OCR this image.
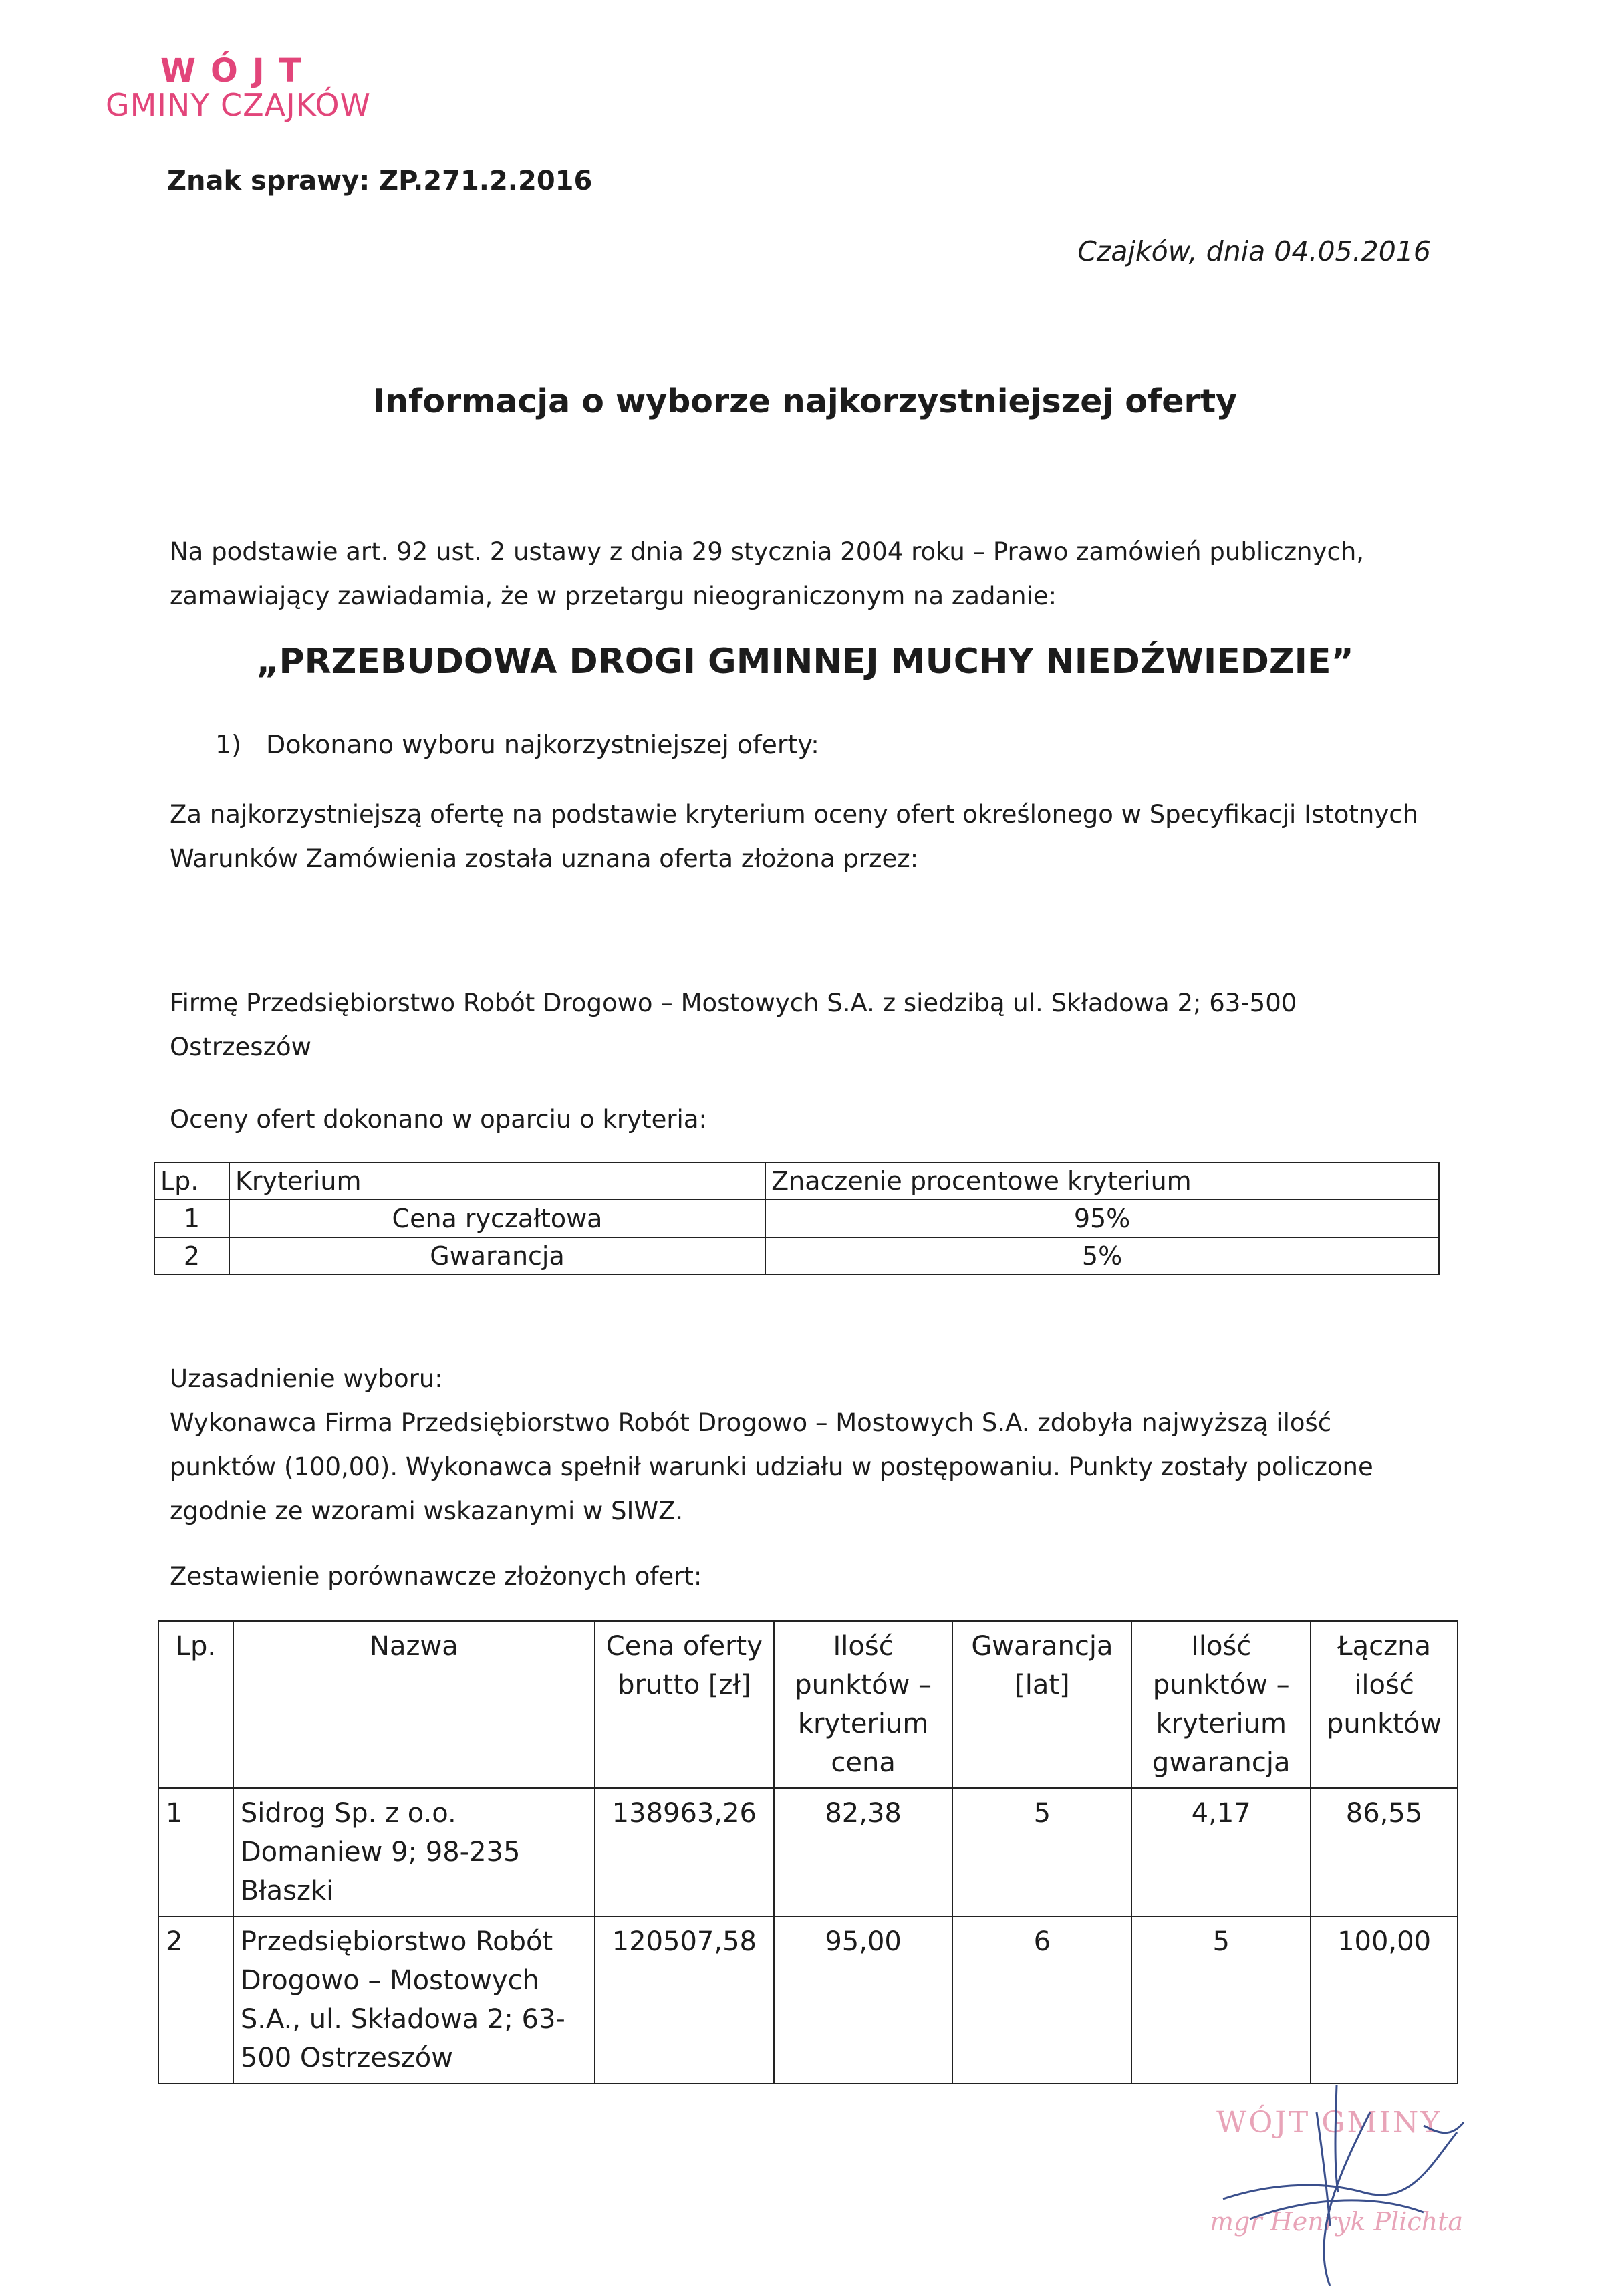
WÓJT
GMINY CZAJKÓW
Znak sprawy: ZP.271.2.2016
Czajków, dnia 04.05.2016
Informacja o wyborze najkorzystniejszej oferty
Na podstawie art. 92 ust. 2 ustawy z dnia 29 stycznia 2004 roku – Prawo zamówień publicznych,
zamawiający zawiadamia, że w przetargu nieograniczonym na zadanie:
„PRZEBUDOWA DROGI GMINNEJ MUCHY NIEDŹWIEDZIE”
1) Dokonano wyboru najkorzystniejszej oferty:
Za najkorzystniejszą ofertę na podstawie kryterium oceny ofert określonego w Specyfikacji Istotnych
Warunków Zamówienia została uznana oferta złożona przez:
Firmę Przedsiębiorstwo Robót Drogowo – Mostowych S.A. z siedzibą ul. Składowa 2; 63-500
Ostrzeszów
Oceny ofert dokonano w oparciu o kryteria:
Lp.	Kryterium	Znaczenie procentowe kryterium
1	Cena ryczałtowa	95%
2	Gwarancja	5%
Uzasadnienie wyboru:
Wykonawca Firma Przedsiębiorstwo Robót Drogowo – Mostowych S.A. zdobyła najwyższą ilość
punktów (100,00). Wykonawca spełnił warunki udziału w postępowaniu. Punkty zostały policzone
zgodnie ze wzorami wskazanymi w SIWZ.
Zestawienie porównawcze złożonych ofert:
Lp.	Nazwa	Cena oferty brutto [zł]	Ilość punktów – kryterium cena	Gwarancja [lat]	Ilość punktów – kryterium gwarancja	Łączna ilość punktów
1	Sidrog Sp. z o.o. Domaniew 9; 98-235 Błaszki	138963,26	82,38	5	4,17	86,55
2	Przedsiębiorstwo Robót Drogowo – Mostowych S.A., ul. Składowa 2; 63-500 Ostrzeszów	120507,58	95,00	6	5	100,00
WÓJT GMINY
mgr Henryk Plichta
